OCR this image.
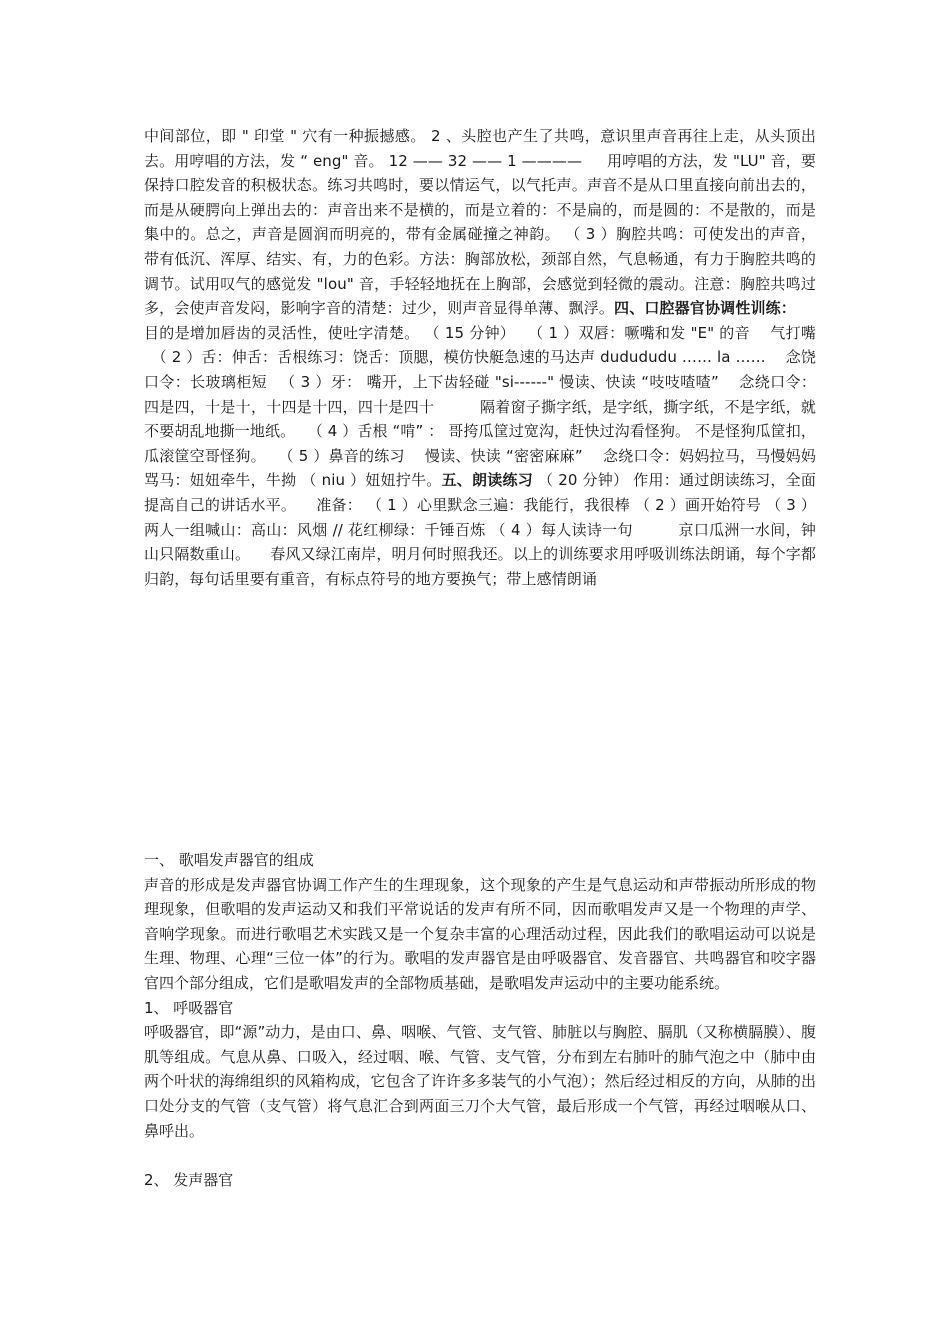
中间部位，即 " 印堂 " 穴有一种振撼感。 2 、头腔也产生了共鸣，意识里声音再往上走，从头顶出去。用哼唱的方法，发 “ eng" 音。 12 —— 32 —— 1 ———— 　 用哼唱的方法，发 "LU" 音，要保持口腔发音的积极状态。练习共鸣时，要以情运气，以气托声。声音不是从口里直接向前出去的，而是从硬腭向上弹出去的：声音出来不是横的，而是立着的：不是扁的，而是圆的：不是散的，而是集中的。总之，声音是圆润而明亮的，带有金属碰撞之神韵。 （ 3 ）胸腔共鸣：可使发出的声音，带有低沉、浑厚、结实、有，力的色彩。方法：胸部放松，颈部自然，气息畅通，有力于胸腔共鸣的调节。试用叹气的感觉发 "lou" 音，手轻轻地抚在上胸部，会感觉到轻微的震动。注意：胸腔共鸣过多，会使声音发闷，影响字音的清楚：过少，则声音显得单薄、飘浮。四、口腔器官协调性训练： 　 目的是增加唇齿的灵活性，使吐字清楚。 （ 15 分钟） 　（ 1 ）双唇：噘嘴和发 "E" 的音 　气打嘴 　（ 2 ）舌：伸舌：舌根练习：饶舌：顶腮，模仿快艇急速的马达声 dudududu …… la …… 　念饶口令：长玻璃柜短 　（ 3 ）牙： 嘴开，上下齿轻碰 "si------" 慢读、快读 “吱吱喳喳” 　念绕口令：四是四，十是十，十四是十四，四十是四十 　 　 隔着窗子撕字纸，是字纸，撕字纸，不是字纸，就不要胡乱地撕一地纸。 　（ 4 ）舌根 “啃” ： 哥挎瓜筐过宽沟，赶快过沟看怪狗。 不是怪狗瓜筐扣，瓜滚筐空哥怪狗。 　（ 5 ）鼻音的练习 　慢读、快读 “密密麻麻” 　念绕口令：妈妈拉马，马慢妈妈骂马：妞妞牵牛，牛拗 （ niu ）妞妞拧牛。五、朗读练习 （ 20 分钟） 作用：通过朗读练习，全面提高自己的讲话水平。 　准备： （ 1 ）心里默念三遍：我能行，我很棒 （ 2 ）画开始符号 （ 3 ）两人一组喊山：高山：风烟 // 花红柳绿：千锤百炼 （ 4 ）每人读诗一句 　 　 京口瓜洲一水间，钟山只隔数重山。 　春风又绿江南岸，明月何时照我还。以上的训练要求用呼吸训练法朗诵，每个字都归韵，每句话里要有重音，有标点符号的地方要换气；带上感情朗诵

一、 歌唱发声器官的组成

声音的形成是发声器官协调工作产生的生理现象，这个现象的产生是气息运动和声带振动所形成的物理现象，但歌唱的发声运动又和我们平常说话的发声有所不同，因而歌唱发声又是一个物理的声学、音响学现象。而进行歌唱艺术实践又是一个复杂丰富的心理活动过程，因此我们的歌唱运动可以说是生理、物理、心理“三位一体”的行为。歌唱的发声器官是由呼吸器官、发音器官、共鸣器官和咬字器官四个部分组成，它们是歌唱发声的全部物质基础，是歌唱发声运动中的主要功能系统。

1、 呼吸器官

呼吸器官，即“源”动力，是由口、鼻、咽喉、气管、支气管、肺脏以与胸腔、膈肌（又称横膈膜）、腹肌等组成。气息从鼻、口吸入，经过咽、喉、气管、支气管，分布到左右肺叶的肺气泡之中（肺中由两个叶状的海绵组织的风箱构成，它包含了许许多多装气的小气泡）；然后经过相反的方向，从肺的出口处分支的气管（支气管）将气息汇合到两面三刀个大气管，最后形成一个气管，再经过咽喉从口、鼻呼出。

2、 发声器官
